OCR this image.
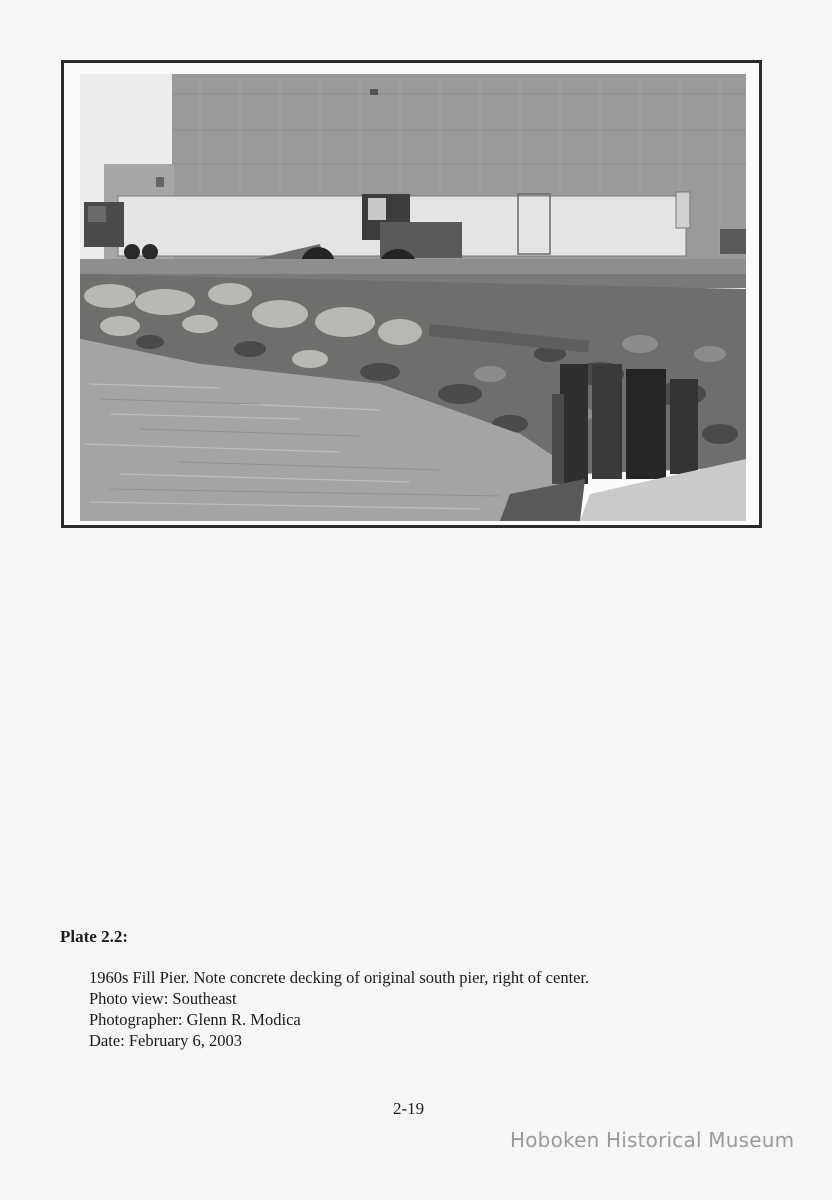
Plate 2.2:
1960s Fill Pier. Note concrete decking of original south pier, right of center.
Photo view: Southeast
Photographer: Glenn R. Modica
Date: February 6, 2003
2-19
Hoboken Historical Museum
